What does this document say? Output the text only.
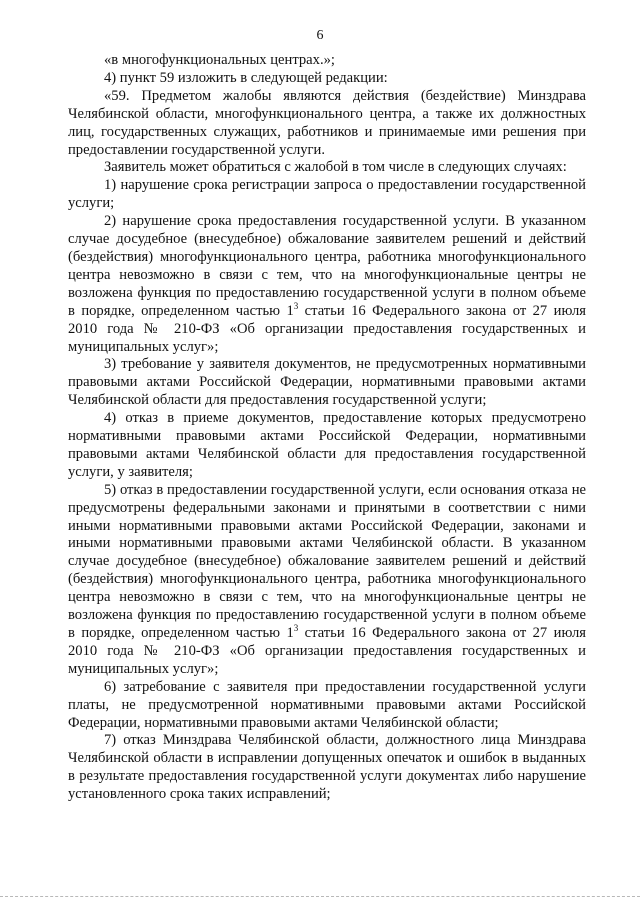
6

«в многофункциональных центрах.»;

4) пункт 59 изложить в следующей редакции:

«59. Предметом жалобы являются действия (бездействие) Минздрава Челябинской области, многофункционального центра, а также их должностных лиц, государственных служащих, работников и принимаемые ими решения при предоставлении государственной услуги.

Заявитель может обратиться с жалобой в том числе в следующих случаях:

1) нарушение срока регистрации запроса о предоставлении государственной услуги;

2) нарушение срока предоставления государственной услуги. В указанном случае досудебное (внесудебное) обжалование заявителем решений и действий (бездействия) многофункционального центра, работника многофункционального центра невозможно в связи с тем, что на многофункциональные центры не возложена функция по предоставлению государственной услуги в полном объеме в порядке, определенном частью $1^3$ статьи 16 Федерального закона от 27 июля 2010 года № 210-ФЗ «Об организации предоставления государственных и муниципальных услуг»;

3) требование у заявителя документов, не предусмотренных нормативными правовыми актами Российской Федерации, нормативными правовыми актами Челябинской области для предоставления государственной услуги;

4) отказ в приеме документов, предоставление которых предусмотрено нормативными правовыми актами Российской Федерации, нормативными правовыми актами Челябинской области для предоставления государственной услуги, у заявителя;

5) отказ в предоставлении государственной услуги, если основания отказа не предусмотрены федеральными законами и принятыми в соответствии с ними иными нормативными правовыми актами Российской Федерации, законами и иными нормативными правовыми актами Челябинской области. В указанном случае досудебное (внесудебное) обжалование заявителем решений и действий (бездействия) многофункционального центра, работника многофункционального центра невозможно в связи с тем, что на многофункциональные центры не возложена функция по предоставлению государственной услуги в полном объеме в порядке, определенном частью $1^3$ статьи 16 Федерального закона от 27 июля 2010 года № 210-ФЗ «Об организации предоставления государственных и муниципальных услуг»;

6) затребование с заявителя при предоставлении государственной услуги платы, не предусмотренной нормативными правовыми актами Российской Федерации, нормативными правовыми актами Челябинской области;

7) отказ Минздрава Челябинской области, должностного лица Минздрава Челябинской области в исправлении допущенных опечаток и ошибок в выданных в результате предоставления государственной услуги документах либо нарушение установленного срока таких исправлений;
